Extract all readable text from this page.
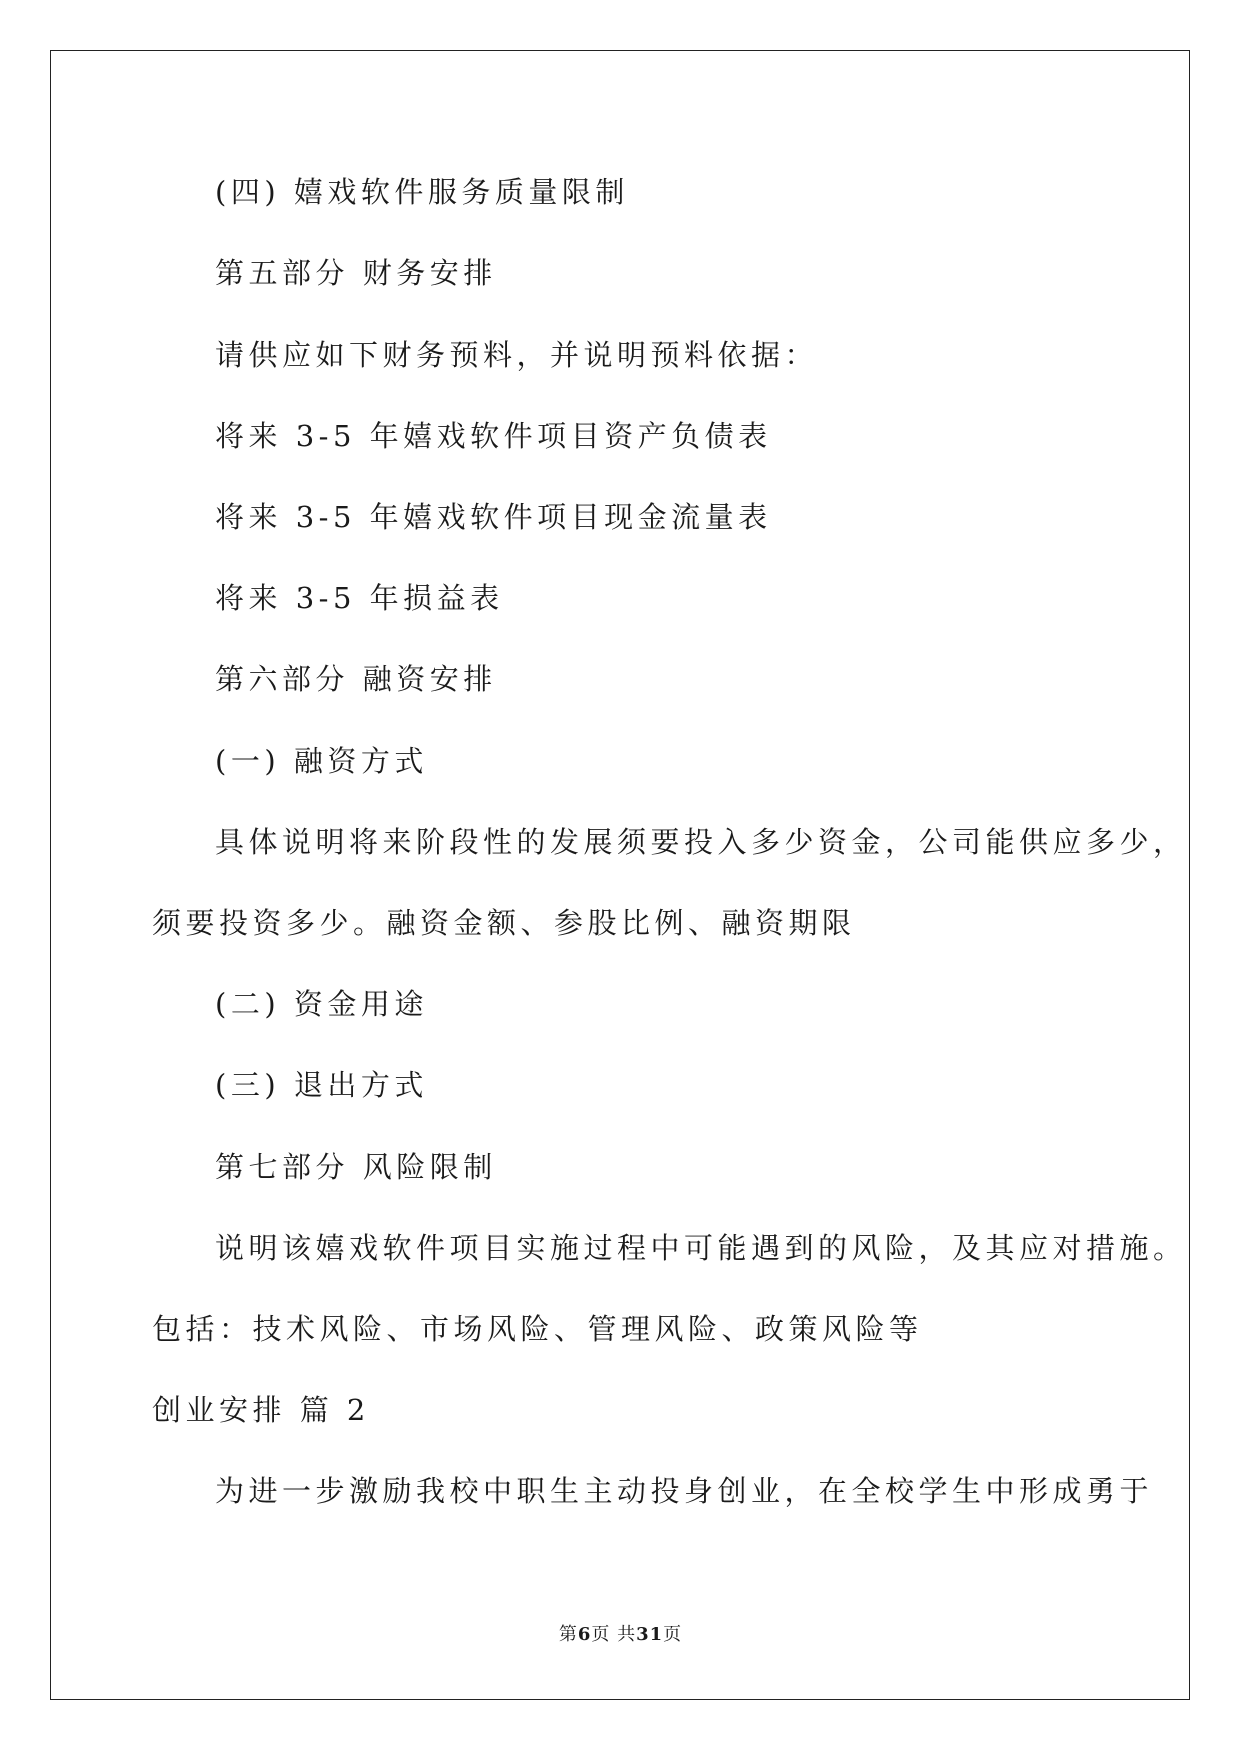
(四) 嬉戏软件服务质量限制
第五部分 财务安排
请供应如下财务预料，并说明预料依据：
将来 3-5 年嬉戏软件项目资产负债表
将来 3-5 年嬉戏软件项目现金流量表
将来 3-5 年损益表
第六部分 融资安排
(一) 融资方式
具体说明将来阶段性的发展须要投入多少资金，公司能供应多少，
须要投资多少。融资金额、参股比例、融资期限
(二) 资金用途
(三) 退出方式
第七部分 风险限制
说明该嬉戏软件项目实施过程中可能遇到的风险，及其应对措施。
包括：技术风险、市场风险、管理风险、政策风险等
创业安排 篇 2
为进一步激励我校中职生主动投身创业，在全校学生中形成勇于
第6页 共31页
